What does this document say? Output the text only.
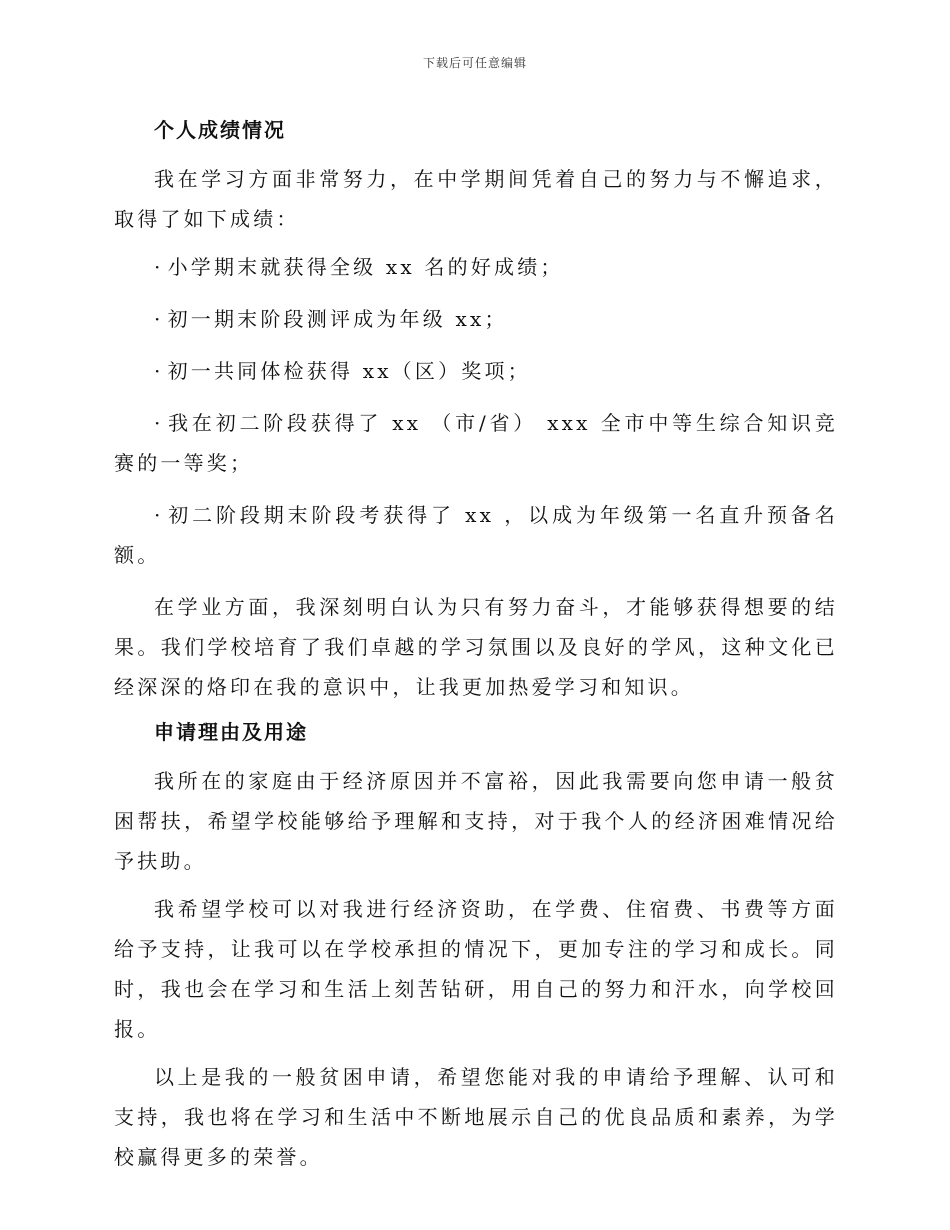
下载后可任意编辑
个人成绩情况

我在学习方面非常努力，在中学期间凭着自己的努力与不懈追求，取得了如下成绩：

· 小学期末就获得全级 xx 名的好成绩；

· 初一期末阶段测评成为年级 xx；

· 初一共同体检获得 xx（区）奖项；

· 我在初二阶段获得了 xx （市/省） xxx 全市中等生综合知识竞赛的一等奖；

· 初二阶段期末阶段考获得了 xx ，以成为年级第一名直升预备名额。

在学业方面，我深刻明白认为只有努力奋斗，才能够获得想要的结果。我们学校培育了我们卓越的学习氛围以及良好的学风，这种文化已经深深的烙印在我的意识中，让我更加热爱学习和知识。

申请理由及用途

我所在的家庭由于经济原因并不富裕，因此我需要向您申请一般贫困帮扶，希望学校能够给予理解和支持，对于我个人的经济困难情况给予扶助。

我希望学校可以对我进行经济资助，在学费、住宿费、书费等方面给予支持，让我可以在学校承担的情况下，更加专注的学习和成长。同时，我也会在学习和生活上刻苦钻研，用自己的努力和汗水，向学校回报。

以上是我的一般贫困申请，希望您能对我的申请给予理解、认可和支持，我也将在学习和生活中不断地展示自己的优良品质和素养，为学校赢得更多的荣誉。
